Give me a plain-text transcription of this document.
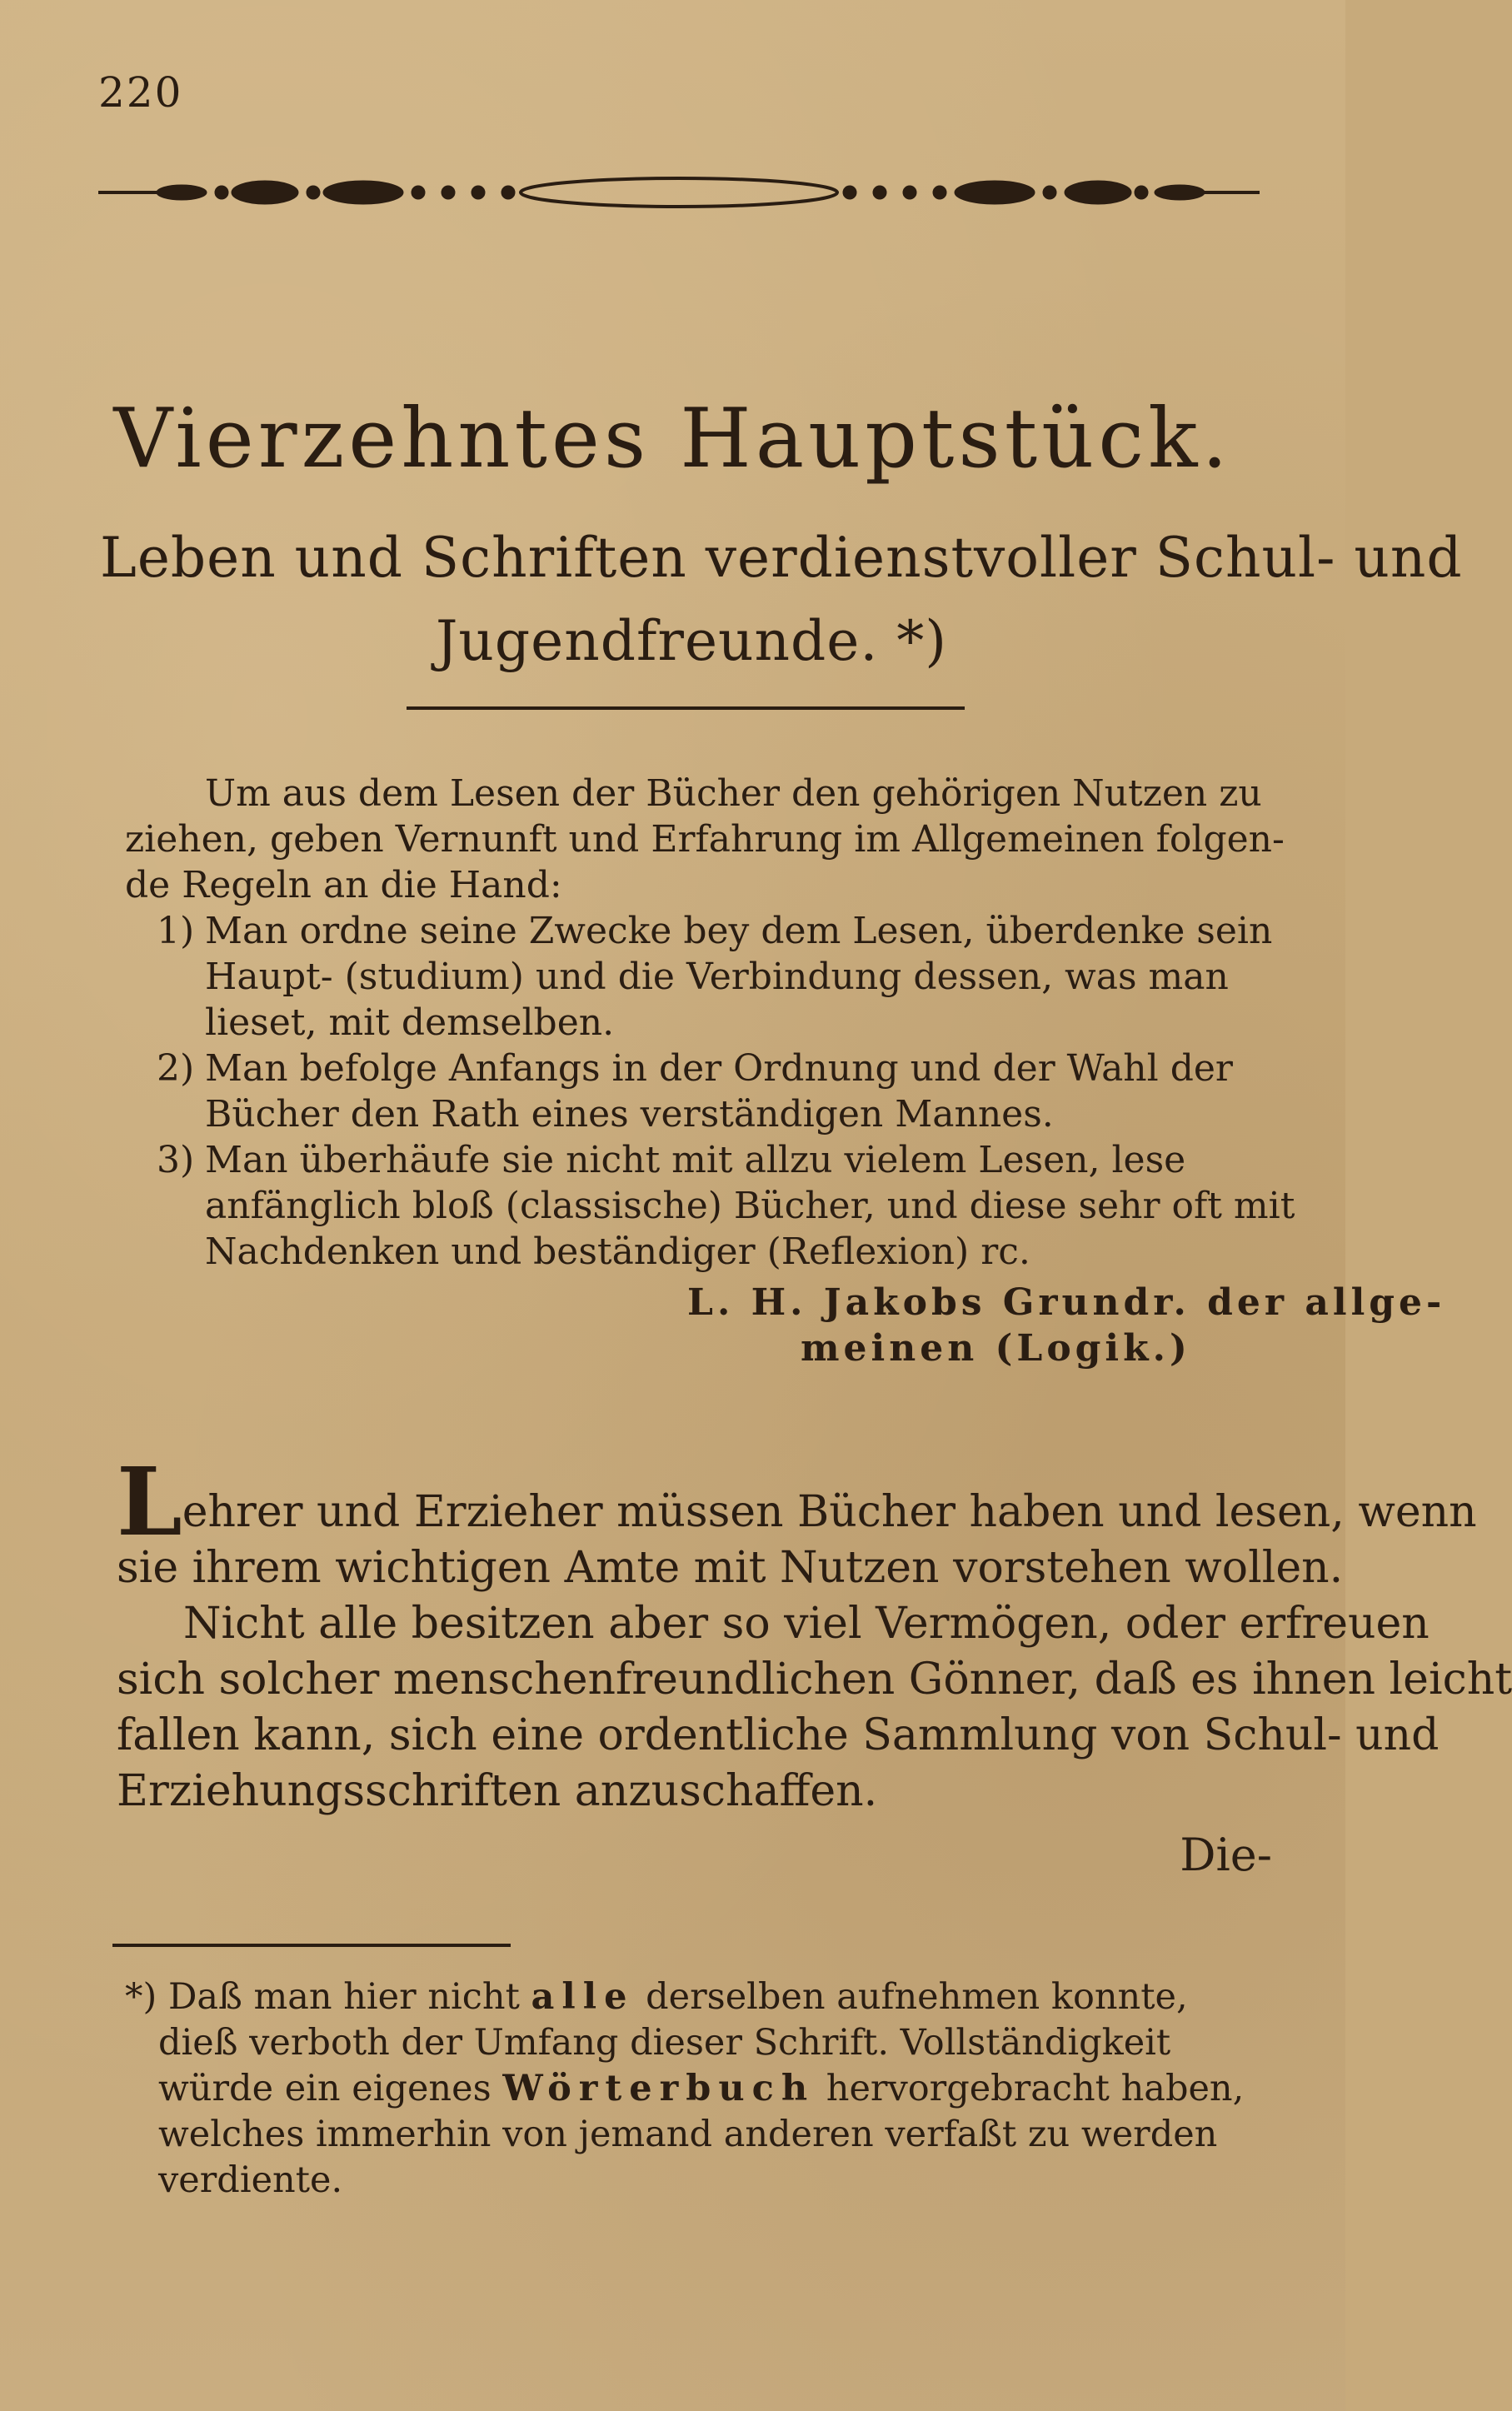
220
Vierzehntes Hauptstück.
Leben und Schriften verdienstvoller Schul- und
Jugendfreunde. *)
Um aus dem Lesen der Bücher den gehörigen Nutzen zu
ziehen, geben Vernunft und Erfahrung im Allgemeinen folgen-
de Regeln an die Hand:
1) Man ordne seine Zwecke bey dem Lesen, überdenke sein
Haupt- (studium) und die Verbindung dessen, was man
lieset, mit demselben.
2) Man befolge Anfangs in der Ordnung und der Wahl der
Bücher den Rath eines verständigen Mannes.
3) Man überhäufe sie nicht mit allzu vielem Lesen, lese
anfänglich bloß (classische) Bücher, und diese sehr oft mit
Nachdenken und beständiger (Reflexion) rc.
L. H. Jakobs Grundr. der allge-
meinen (Logik.)
Lehrer und Erzieher müssen Bücher haben und lesen, wenn
sie ihrem wichtigen Amte mit Nutzen vorstehen wollen.
Nicht alle besitzen aber so viel Vermögen, oder erfreuen
sich solcher menschenfreundlichen Gönner, daß es ihnen leicht
fallen kann, sich eine ordentliche Sammlung von Schul- und
Erziehungsschriften anzuschaffen.
Die-
*) Daß man hier nicht alle derselben aufnehmen konnte,
dieß verboth der Umfang dieser Schrift. Vollständigkeit
würde ein eigenes Wörterbuch hervorgebracht haben,
welches immerhin von jemand anderen verfaßt zu werden
verdiente.
